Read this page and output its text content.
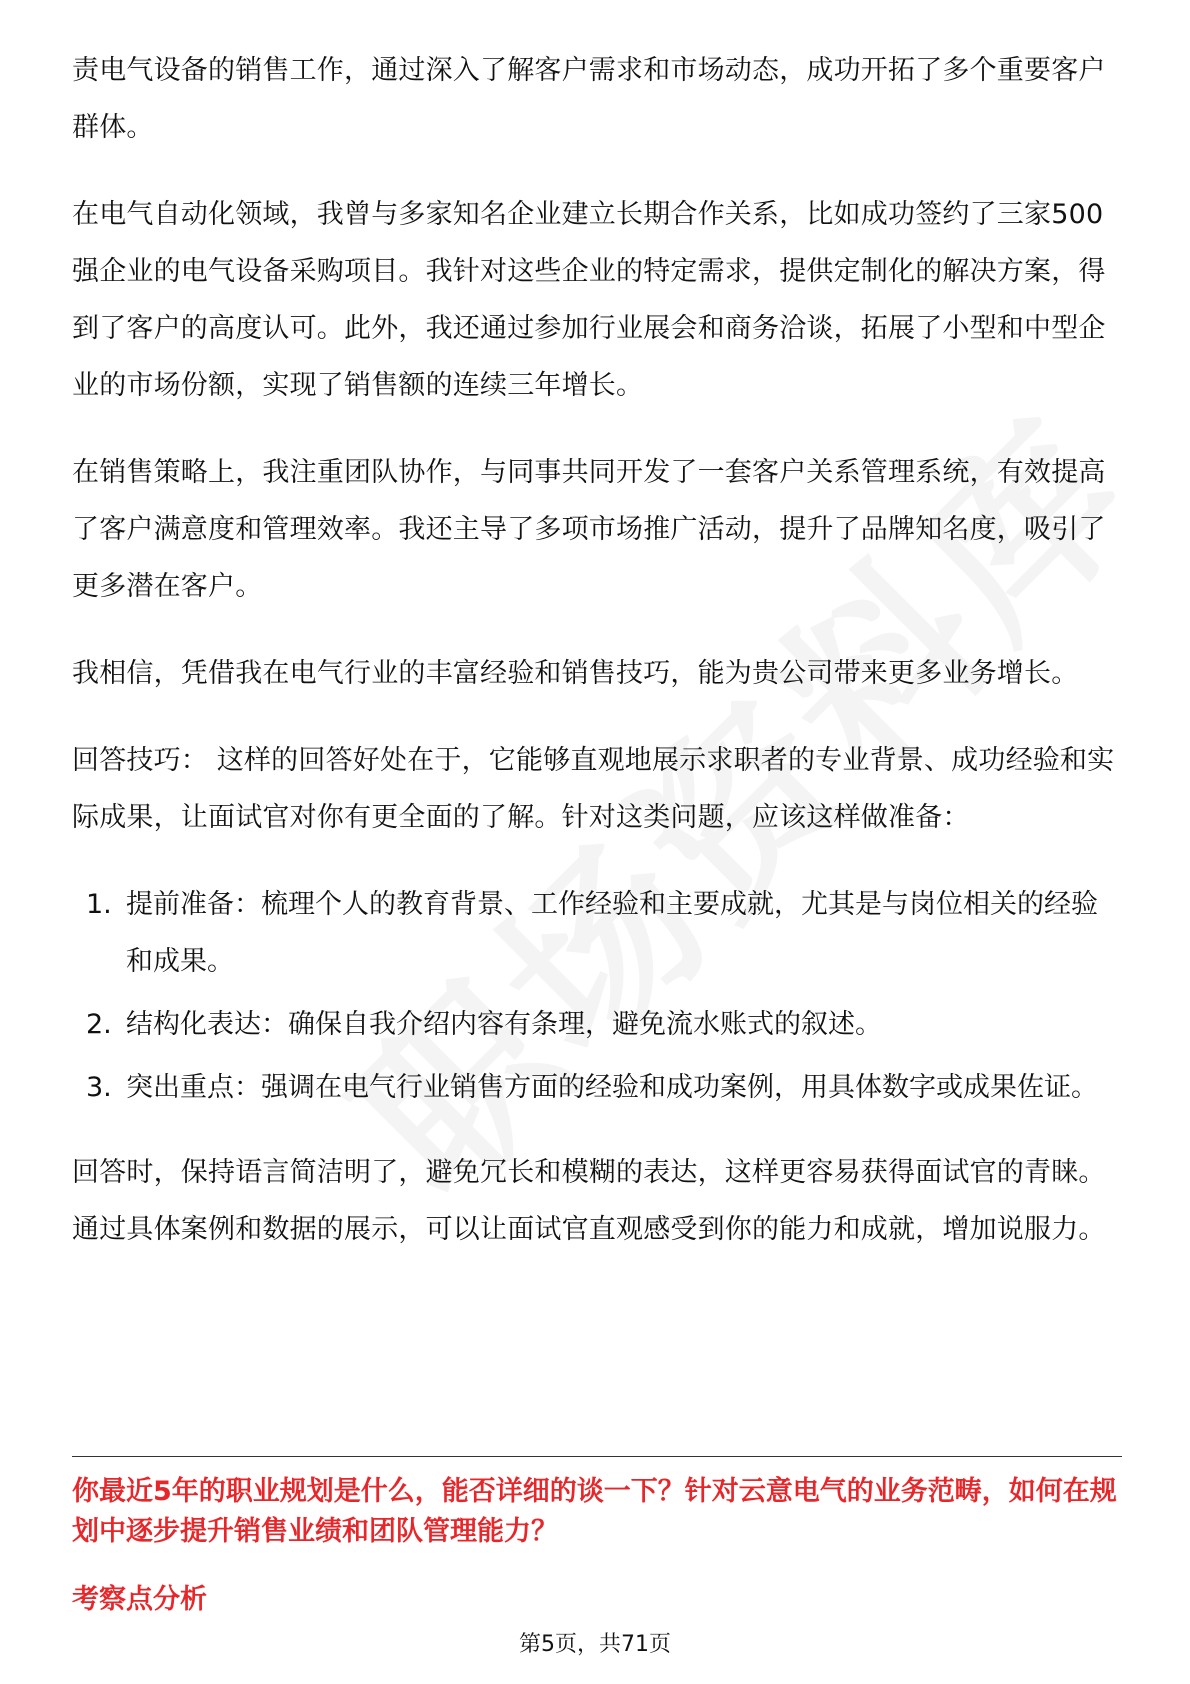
责电气设备的销售工作，通过深入了解客户需求和市场动态，成功开拓了多个重要客户群体。

在电气自动化领域，我曾与多家知名企业建立长期合作关系，比如成功签约了三家500强企业的电气设备采购项目。我针对这些企业的特定需求，提供定制化的解决方案，得到了客户的高度认可。此外，我还通过参加行业展会和商务洽谈，拓展了小型和中型企业的市场份额，实现了销售额的连续三年增长。

在销售策略上，我注重团队协作，与同事共同开发了一套客户关系管理系统，有效提高了客户满意度和管理效率。我还主导了多项市场推广活动，提升了品牌知名度，吸引了更多潜在客户。

我相信，凭借我在电气行业的丰富经验和销售技巧，能为贵公司带来更多业务增长。

回答技巧： 这样的回答好处在于，它能够直观地展示求职者的专业背景、成功经验和实际成果，让面试官对你有更全面的了解。针对这类问题，应该这样做准备：

1. 提前准备：梳理个人的教育背景、工作经验和主要成就，尤其是与岗位相关的经验和成果。
2. 结构化表达：确保自我介绍内容有条理，避免流水账式的叙述。
3. 突出重点：强调在电气行业销售方面的经验和成功案例，用具体数字或成果佐证。

回答时，保持语言简洁明了，避免冗长和模糊的表达，这样更容易获得面试官的青睐。通过具体案例和数据的展示，可以让面试官直观感受到你的能力和成就，增加说服力。

你最近5年的职业规划是什么，能否详细的谈一下？针对云意电气的业务范畴，如何在规划中逐步提升销售业绩和团队管理能力？
考察点分析
第5页，共71页
